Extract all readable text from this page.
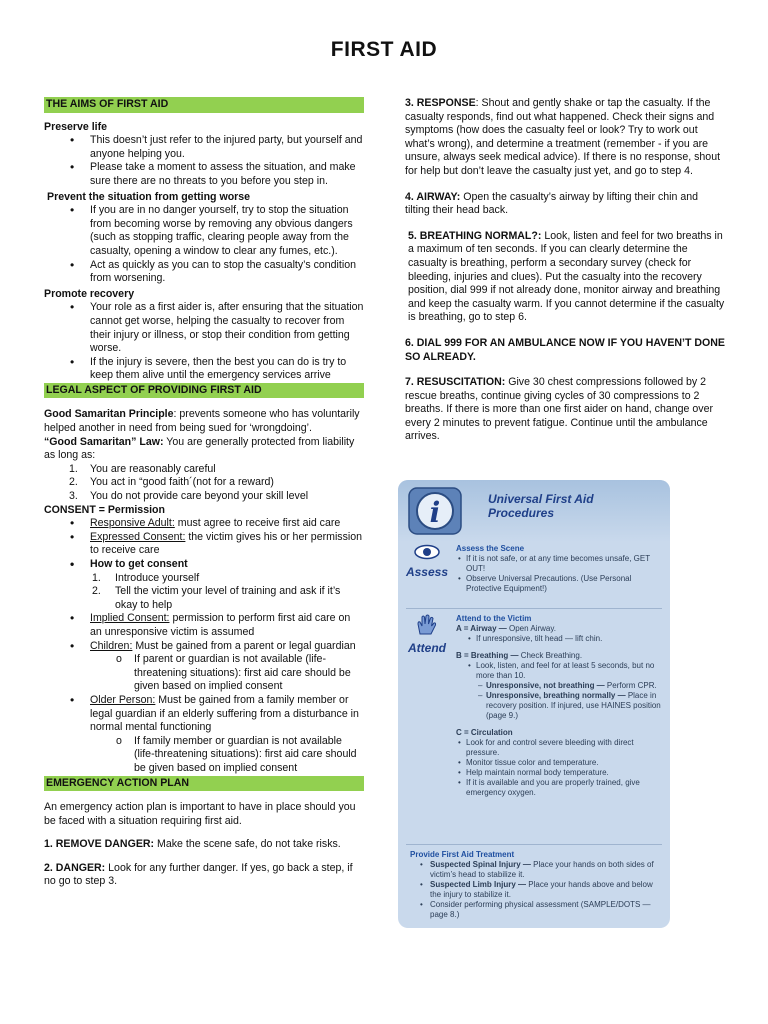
FIRST AID

THE AIMS OF FIRST AID

Preserve life

• This doesn’t just refer to the injured party, but yourself and anyone helping you.
• Please take a moment to assess the situation, and make sure there are no threats to you before you step in.

Prevent the situation from getting worse

• If you are in no danger yourself, try to stop the situation from becoming worse by removing any obvious dangers (such as stopping traffic, clearing people away from the casualty, opening a window to clear any fumes, etc.).
• Act as quickly as you can to stop the casualty’s condition from worsening.

Promote recovery

• Your role as a first aider is, after ensuring that the situation cannot get worse, helping the casualty to recover from their injury or illness, or stop their condition from getting worse.
• If the injury is severe, then the best you can do is try to keep them alive until the emergency services arrive

LEGAL ASPECT OF PROVIDING FIRST AID

Good Samaritan Principle: prevents someone who has voluntarily helped another in need from being sued for ‘wrongdoing’.

“Good Samaritan” Law: You are generally protected from liability as long as:

1. You are reasonably careful
2. You act in “good faith´(not for a reward)
3. You do not provide care beyond your skill level

CONSENT = Permission

• Responsive Adult: must agree to receive first aid care
• Expressed Consent: the victim gives his or her permission to receive care
• How to get consent
1. Introduce yourself
2. Tell the victim your level of training and ask if it’s okay to help
• Implied Consent: permission to perform first aid care on an unresponsive victim is assumed
• Children: Must be gained from a parent or legal guardian
o If parent or guardian is not available (life-threatening situations): first aid care should be given based on implied consent
• Older Person: Must be gained from a family member or legal guardian if an elderly suffering from a disturbance in normal mental functioning
o If family member or guardian is not available (life-threatening situations): first aid care should be given based on implied consent

EMERGENCY ACTION PLAN

An emergency action plan is important to have in place should you be faced with a situation requiring first aid.

1. REMOVE DANGER: Make the scene safe, do not take risks.

2. DANGER: Look for any further danger. If yes, go back a step, if no go to step 3.

3. RESPONSE: Shout and gently shake or tap the casualty. If the casualty responds, find out what happened. Check their signs and symptoms (how does the casualty feel or look? Try to work out what’s wrong), and determine a treatment (remember - if you are unsure, always seek medical advice). If there is no response, shout for help but don’t leave the casualty just yet, and go to step 4.

4. AIRWAY: Open the casualty’s airway by lifting their chin and tilting their head back.

5. BREATHING NORMAL?: Look, listen and feel for two breaths in a maximum of ten seconds. If you can clearly determine the casualty is breathing, perform a secondary survey (check for bleeding, injuries and clues). Put the casualty into the recovery position, dial 999 if not already done, monitor airway and breathing and keep the casualty warm. If you cannot determine if the casualty is breathing, go to step 6.

6. DIAL 999 FOR AN AMBULANCE NOW IF YOU HAVEN’T DONE SO ALREADY.

7. RESUSCITATION: Give 30 chest compressions followed by 2 rescue breaths, continue giving cycles of 30 compressions to 2 breaths. If there is more than one first aider on hand, change over every 2 minutes to prevent fatigue. Continue until the ambulance arrives.

i	Universal First Aid Procedures
Assess
Assess the Scene
• If it is not safe, or at any time becomes unsafe, GET OUT!
• Observe Universal Precautions. (Use Personal Protective Equipment!)
Attend
Attend to the Victim
A = Airway — Open Airway.
• If unresponsive, tilt head — lift chin.
B = Breathing — Check Breathing.
• Look, listen, and feel for at least 5 seconds, but no more than 10.
– Unresponsive, not breathing — Perform CPR.
– Unresponsive, breathing normally — Place in recovery position. If injured, use HAINES position (page 9.)
C = Circulation
• Look for and control severe bleeding with direct pressure.
• Monitor tissue color and temperature.
• Help maintain normal body temperature.
• If it is available and you are properly trained, give emergency oxygen.
Provide First Aid Treatment
• Suspected Spinal Injury — Place your hands on both sides of victim’s head to stabilize it.
• Suspected Limb Injury — Place your hands above and below the injury to stabilize it.
• Consider performing physical assessment (SAMPLE/DOTS — page 8.)
